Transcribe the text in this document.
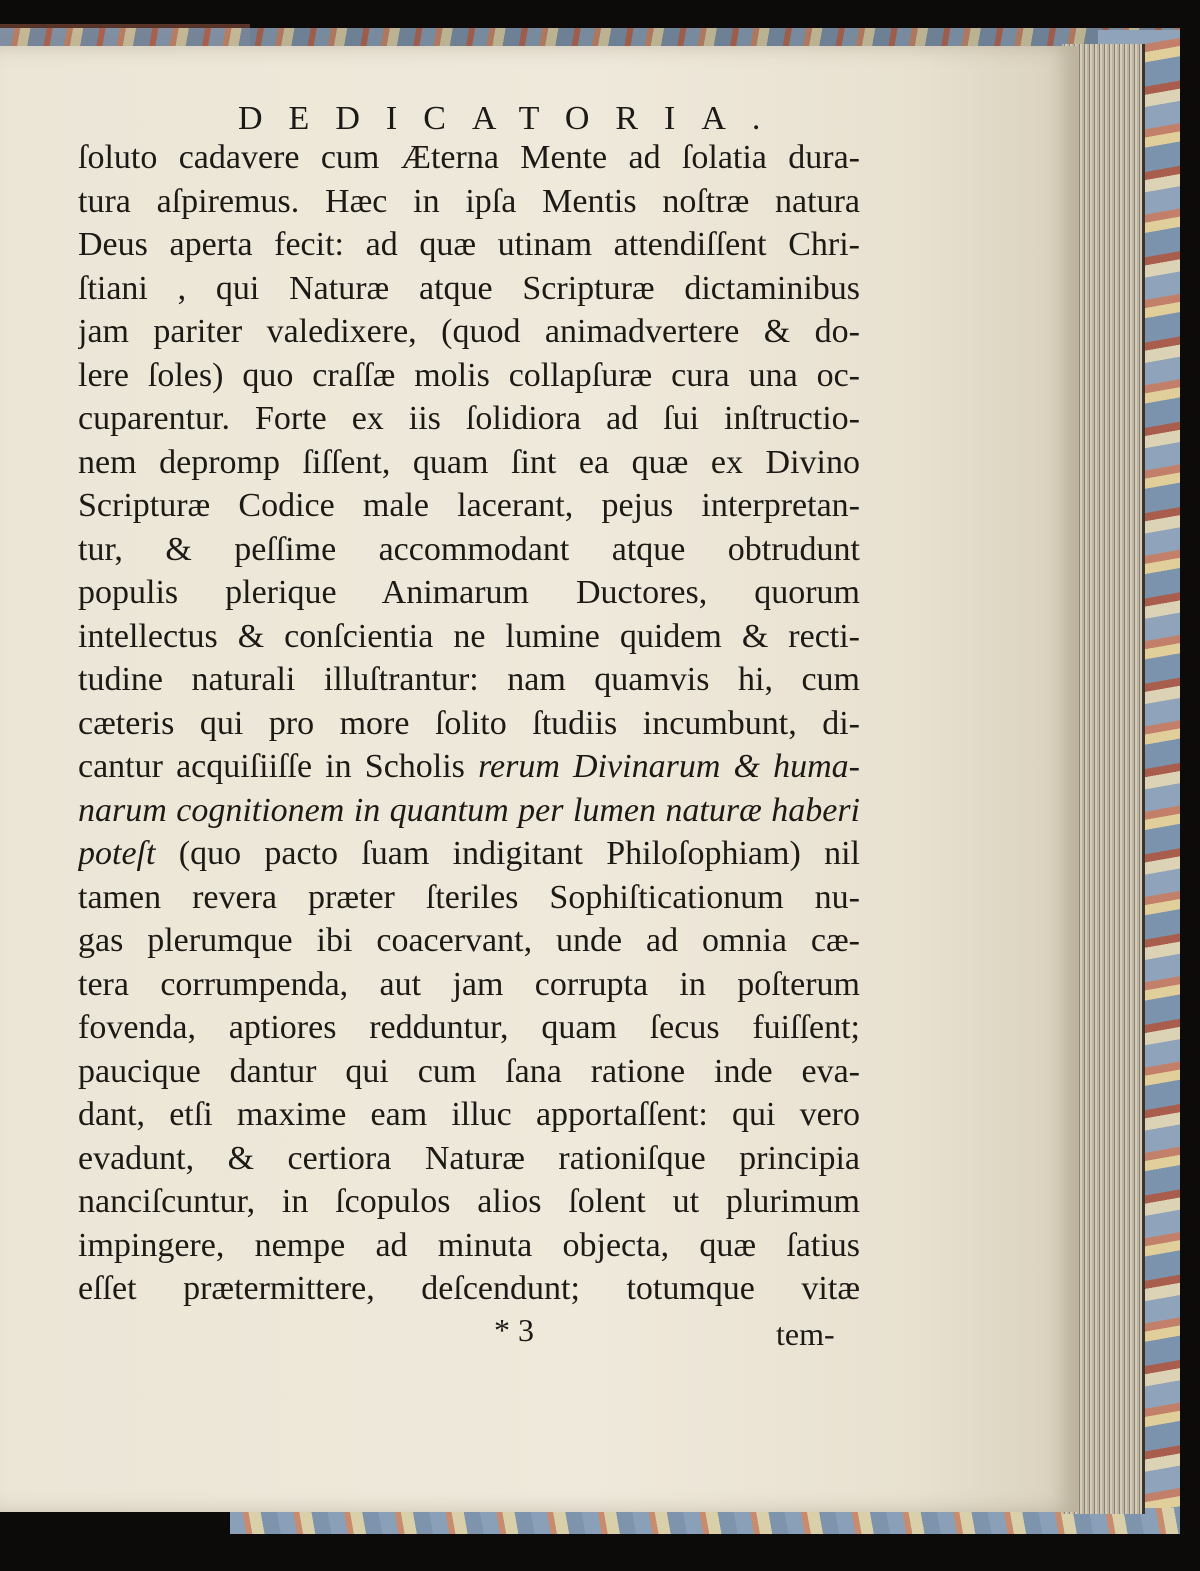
DEDICATORIA.
ſoluto cadavere cum Æterna Mente ad ſolatia dura-
tura aſpiremus. Hæc in ipſa Mentis noſtræ natura
Deus aperta fecit: ad quæ utinam attendiſſent Chri-
ſtiani , qui Naturæ atque Scripturæ dictaminibus
jam pariter valedixere, (quod animadvertere & do-
lere ſoles) quo craſſæ molis collapſuræ cura una oc-
cuparentur. Forte ex iis ſolidiora ad ſui inſtructio-
nem depromp ſiſſent, quam ſint ea quæ ex Divino
Scripturæ Codice male lacerant, pejus interpretan-
tur, & peſſime accommodant atque obtrudunt
populis plerique Animarum Ductores, quorum
intellectus & conſcientia ne lumine quidem & recti-
tudine naturali illuſtrantur: nam quamvis hi, cum
cæteris qui pro more ſolito ſtudiis incumbunt, di-
cantur acquiſiiſſe in Scholis rerum Divinarum & huma-
narum cognitionem in quantum per lumen naturæ haberi
poteſt (quo pacto ſuam indigitant Philoſophiam) nil
tamen revera præter ſteriles Sophiſticationum nu-
gas plerumque ibi coacervant, unde ad omnia cæ-
tera corrumpenda, aut jam corrupta in poſterum
fovenda, aptiores redduntur, quam ſecus fuiſſent;
paucique dantur qui cum ſana ratione inde eva-
dant, etſi maxime eam illuc apportaſſent: qui vero
evadunt, & certiora Naturæ rationiſque principia
nanciſcuntur, in ſcopulos alios ſolent ut plurimum
impingere, nempe ad minuta objecta, quæ ſatius
eſſet prætermittere, deſcendunt; totumque vitæ
* 3	tem-
